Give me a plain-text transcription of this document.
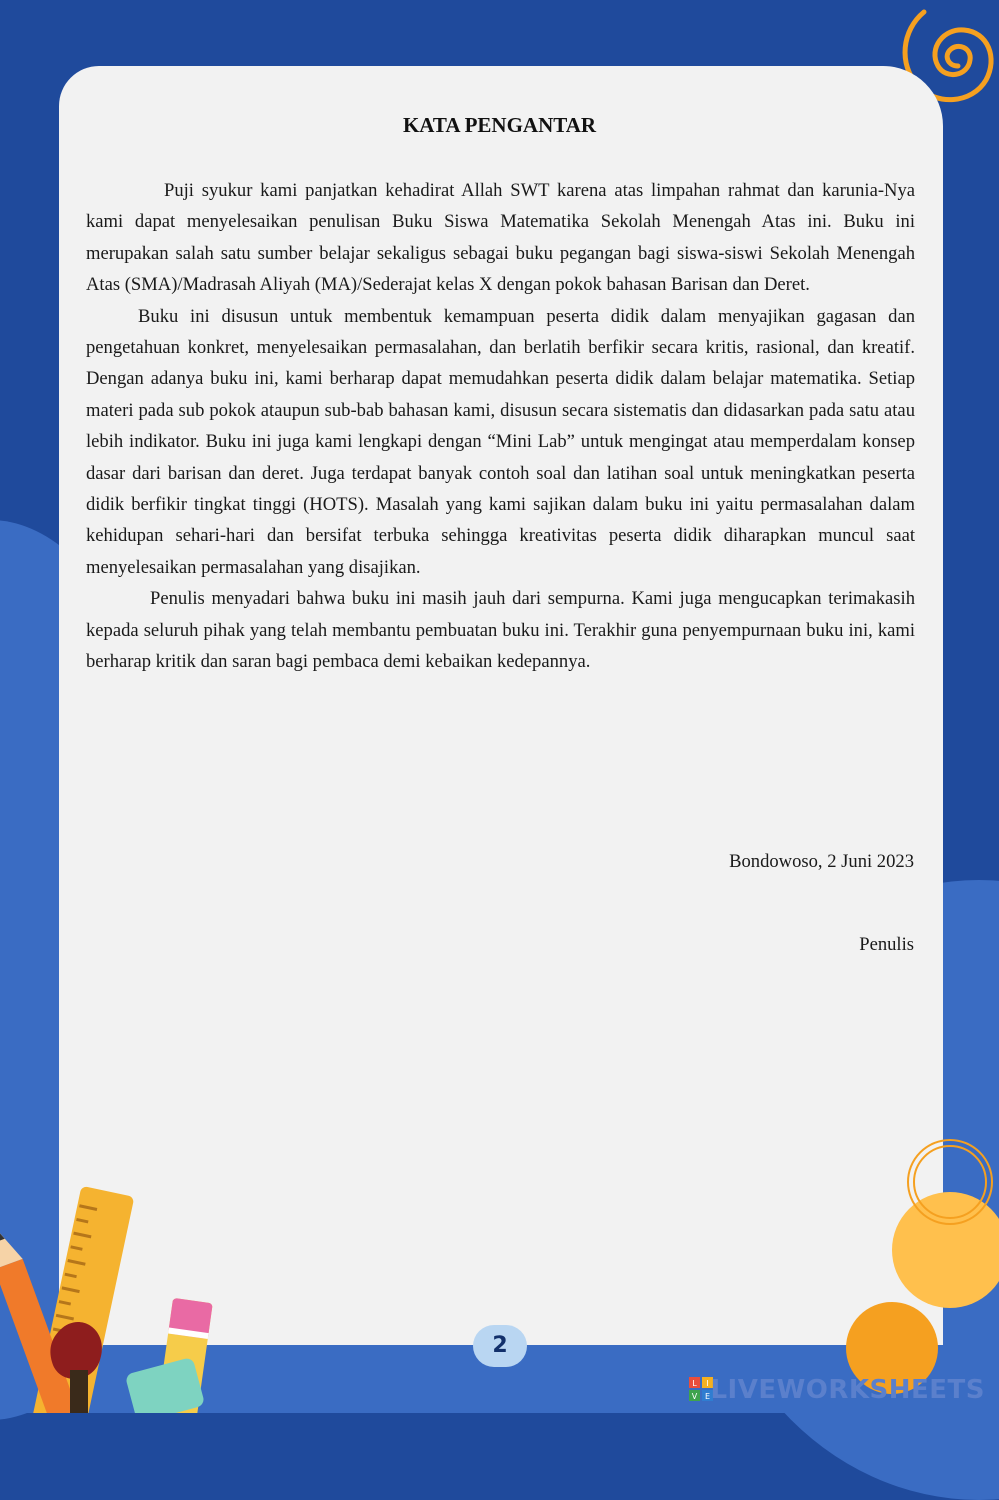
KATA PENGANTAR

Puji syukur kami panjatkan kehadirat Allah SWT karena atas limpahan rahmat dan karunia-Nya kami dapat menyelesaikan penulisan Buku Siswa Matematika Sekolah Menengah Atas ini. Buku ini merupakan salah satu sumber belajar sekaligus sebagai buku pegangan bagi siswa-siswi Sekolah Menengah Atas (SMA)/Madrasah Aliyah (MA)/Sederajat kelas X dengan pokok bahasan Barisan dan Deret.

Buku ini disusun untuk membentuk kemampuan peserta didik dalam menyajikan gagasan dan pengetahuan konkret, menyelesaikan permasalahan, dan berlatih berfikir secara kritis, rasional, dan kreatif. Dengan adanya buku ini, kami berharap dapat memudahkan peserta didik dalam belajar matematika. Setiap materi pada sub pokok ataupun sub-bab bahasan kami, disusun secara sistematis dan didasarkan pada satu atau lebih indikator. Buku ini juga kami lengkapi dengan “Mini Lab” untuk mengingat atau memperdalam konsep dasar dari barisan dan deret. Juga terdapat banyak contoh soal dan latihan soal untuk meningkatkan peserta didik berfikir tingkat tinggi (HOTS). Masalah yang kami sajikan dalam buku ini yaitu permasalahan dalam kehidupan sehari-hari dan bersifat terbuka sehingga kreativitas peserta didik diharapkan muncul saat menyelesaikan permasalahan yang disajikan.

Penulis menyadari bahwa buku ini masih jauh dari sempurna. Kami juga mengucapkan terimakasih kepada seluruh pihak yang telah membantu pembuatan buku ini. Terakhir guna penyempurnaan buku ini, kami berharap kritik dan saran bagi pembaca demi kebaikan kedepannya.

Bondowoso, 2 Juni 2023
Penulis
2
L I
V E LIVEWORKSHEETS
